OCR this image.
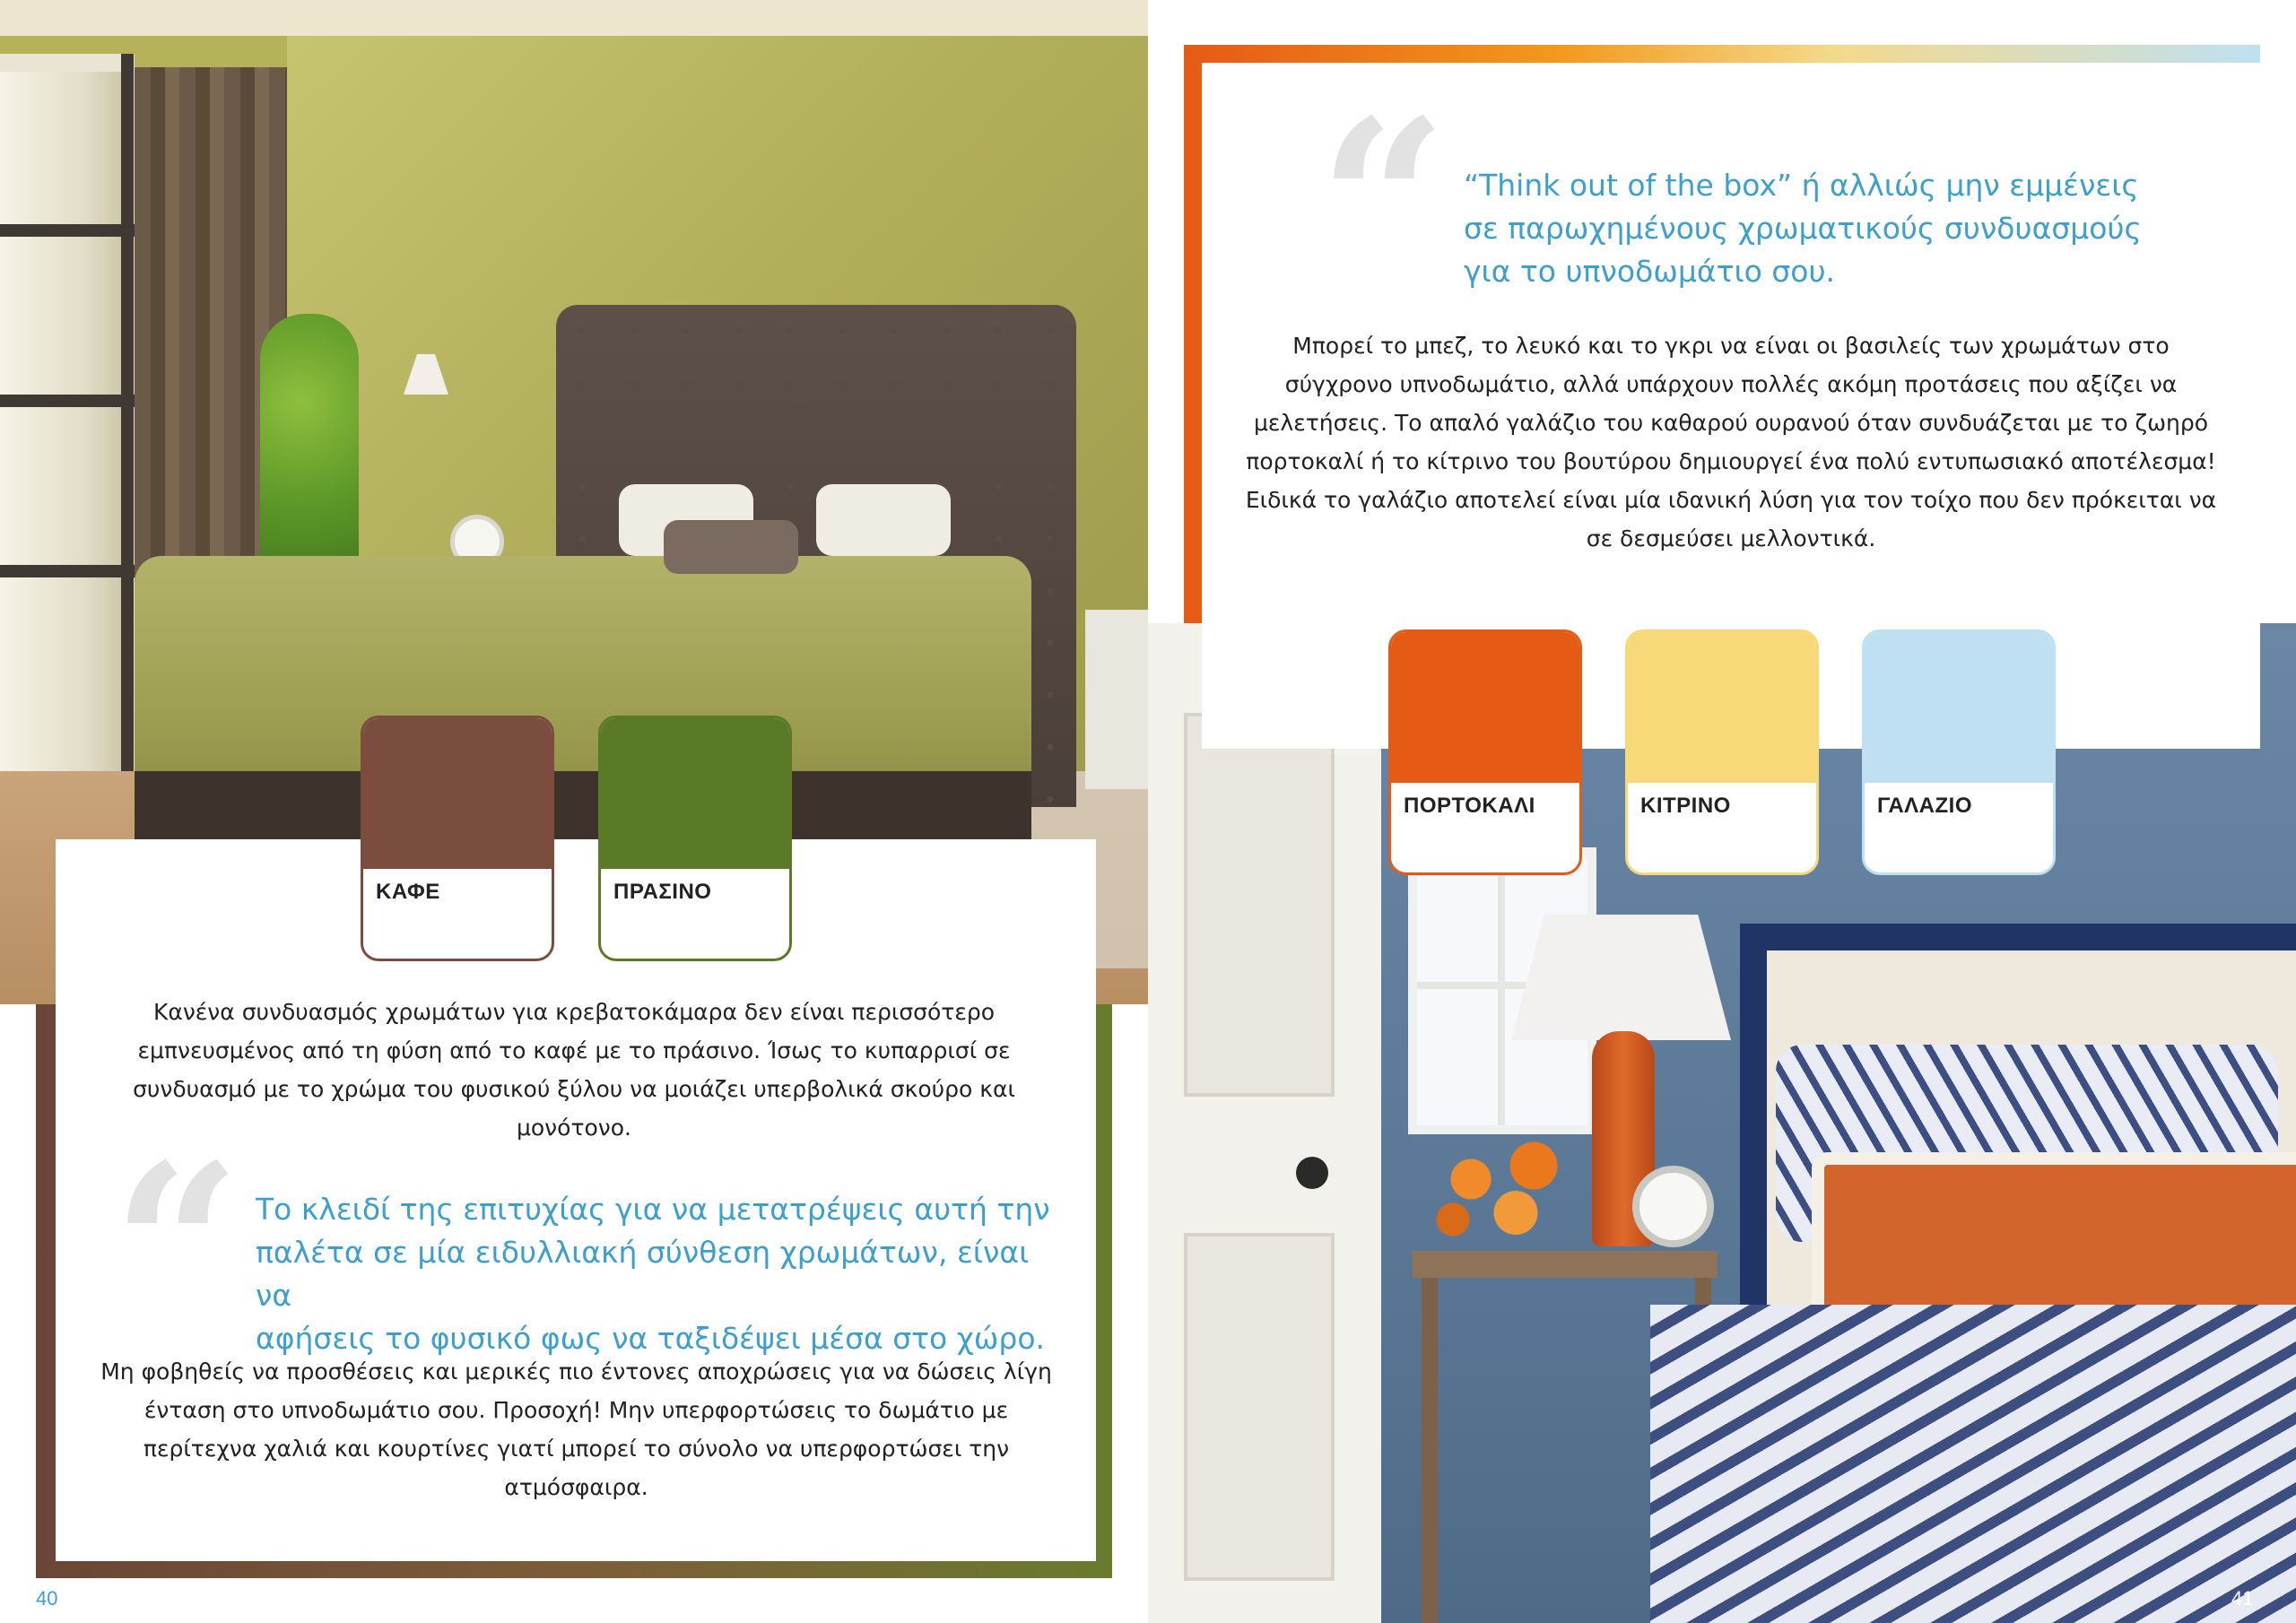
“ “Think out of the box” ή αλλιώς μην εμμένεις
σε παρωχημένους χρωματικούς συνδυασμούς
για το υπνοδωμάτιο σου.
Μπορεί το μπεζ, το λευκό και το γκρι να είναι οι βασιλείς των χρωμάτων στο σύγχρονο υπνοδωμάτιο, αλλά υπάρχουν πολλές ακόμη προτάσεις που αξίζει να μελετήσεις. Το απαλό γαλάζιο του καθαρού ουρανού όταν συνδυάζεται με το ζωηρό πορτοκαλί ή το κίτρινο του βουτύρου δημιουργεί ένα πολύ εντυπωσιακό αποτέλεσμα! Ειδικά το γαλάζιο αποτελεί είναι μία ιδανική λύση για τον τοίχο που δεν πρόκειται να σε δεσμεύσει μελλοντικά.
ΠΟΡΤΟΚΑΛΙ	ΚΙΤΡΙΝΟ	ΓΑΛΑΖΙΟ
ΚΑΦΕ	ΠΡΑΣΙΝΟ
Κανένα συνδυασμός χρωμάτων για κρεβατοκάμαρα δεν είναι περισσότερο εμπνευσμένος από τη φύση από το καφέ με το πράσινο. Ίσως το κυπαρρισί σε συνδυασμό με το χρώμα του φυσικού ξύλου να μοιάζει υπερβολικά σκούρο και μονότονο.
“ Το κλειδί της επιτυχίας για να μετατρέψεις αυτή την
παλέτα σε μία ειδυλλιακή σύνθεση χρωμάτων, είναι να
αφήσεις το φυσικό φως να ταξιδέψει μέσα στο χώρο.
Μη φοβηθείς να προσθέσεις και μερικές πιο έντονες αποχρώσεις για να δώσεις λίγη ένταση στο υπνοδωμάτιο σου. Προσοχή! Μην υπερφορτώσεις το δωμάτιο με περίτεχνα χαλιά και κουρτίνες γιατί μπορεί το σύνολο να υπερφορτώσει την ατμόσφαιρα.
40	41
